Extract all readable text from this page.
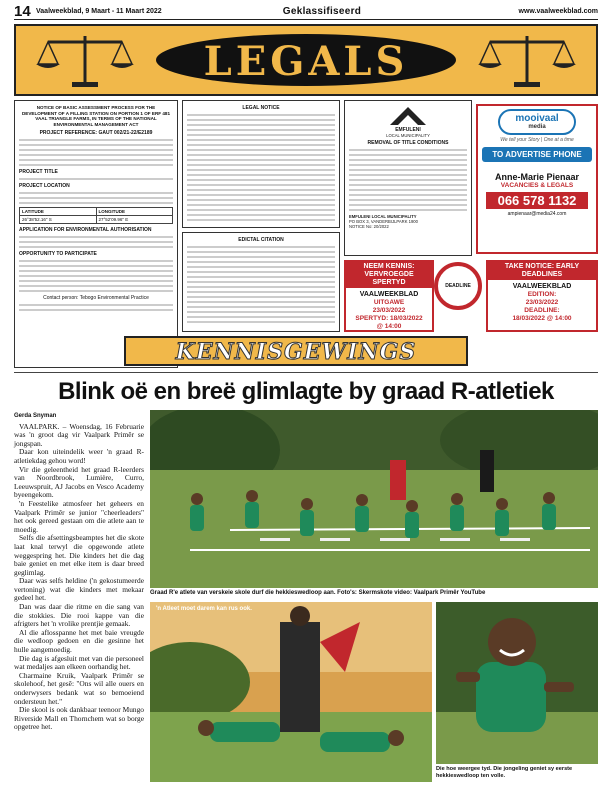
14 Vaalweekblad, 9 Maart - 11 Maart 2022	Geklassifiseerd	www.vaalweekblad.com
LEGALS
NOTICE OF BASIC ASSESSMENT PROCESS FOR THE DEVELOPMENT OF A FILLING STATION ON PORTION 1 OF ERF 481 VAAL TRIANGLE FARMS, IN TERMS OF THE NATIONAL ENVIRONMENTAL MANAGEMENT ACT
PROJECT REFERENCE: GAUT 002/21-22/E2189
PROJECT TITLE
PROJECT LOCATION
LATITUDE	LONGITUDE
26°38'52.16" S	27°52'09.96" E
APPLICATION FOR ENVIRONMENTAL AUTHORISATION
OPPORTUNITY TO PARTICIPATE
Contact person: Tebogo Environmental Practice
LEGAL NOTICE
EDICTAL CITATION
EMFULENI
LOCAL MUNICIPALITY
REMOVAL OF TITLE CONDITIONS
EMFULENI LOCAL MUNICIPALITY
PO BOX 3, VANDERBIJLPARK 1900
NOTICE No: 20/2022
mooivaal
media
We tell your Story | One at a time
TO ADVERTISE PHONE
Anne-Marie Pienaar
VACANCIES & LEGALS
066 578 1132
ampienaar@media24.com
NEEM KENNIS: VERVROEGDE SPERTYD
VAALWEEKBLAD
UITGAWE
23/03/2022
SPERTYD: 18/03/2022
@ 14:00
DEADLINE
TAKE NOTICE: EARLY DEADLINES
VAALWEEKBLAD
EDITION:
23/03/2022
DEADLINE:
18/03/2022 @ 14:00
KENNISGEWINGS
Blink oë en breë glimlagte by graad R-atletiek
Gerda Snyman

VAALPARK. – Woensdag, 16 Februarie was 'n groot dag vir Vaalpark Primêr se jongspan.

Daar kon uiteindelik weer 'n graad R-atletiekdag gehou word!

Vir die geleentheid het graad R-leerders van Noordbrook, Lumière, Curro, Leeuwspruit, AJ Jacobs en Vesco Academy byeengekom.

'n Feestelike atmosfeer het geheers en Vaalpark Primêr se junior "cheerleaders" het ook gereed gestaan om die atlete aan te moedig.

Selfs die afsettingsbeamptes het die skote laat knal terwyl die opgewonde atlete weggespring het. Die kinders het die dag baie geniet en met elke item is daar breed geglimlag.

Daar was selfs heldine ('n gekostumeerde vertoning) wat die kinders met mekaar gedeel het.

Dan was daar die ritme en die sang van die stokkies. Die rooi kappe van die afrigters het 'n vrolike prentjie gemaak.

Al die aflosspanne het met baie vreugde die wedloop gedoen en die gesinne het hulle aangemoedig.

Die dag is afgesluit met van die personeel wat medaljes aan elkeen oorhandig het.

Charmaine Kruik, Vaalpark Primêr se skolehoof, het gesê: "Ons wil alle ouers en onderwysers bedank wat so bemoeiend ondersteun het."

Die skool is ook dankbaar teenoor Mungo Riverside Mall en Thornchem wat so borge opgetree het.

Graad R'e atlete van verskeie skole durf die hekkieswedloop aan. Foto's: Skermskote video: Vaalpark Primêr YouTube
'n Atleet moet darem kan rus ook.
Die hoe weergee tyd. Die jongeling geniet sy eerste hekkieswedloop ten volle.
